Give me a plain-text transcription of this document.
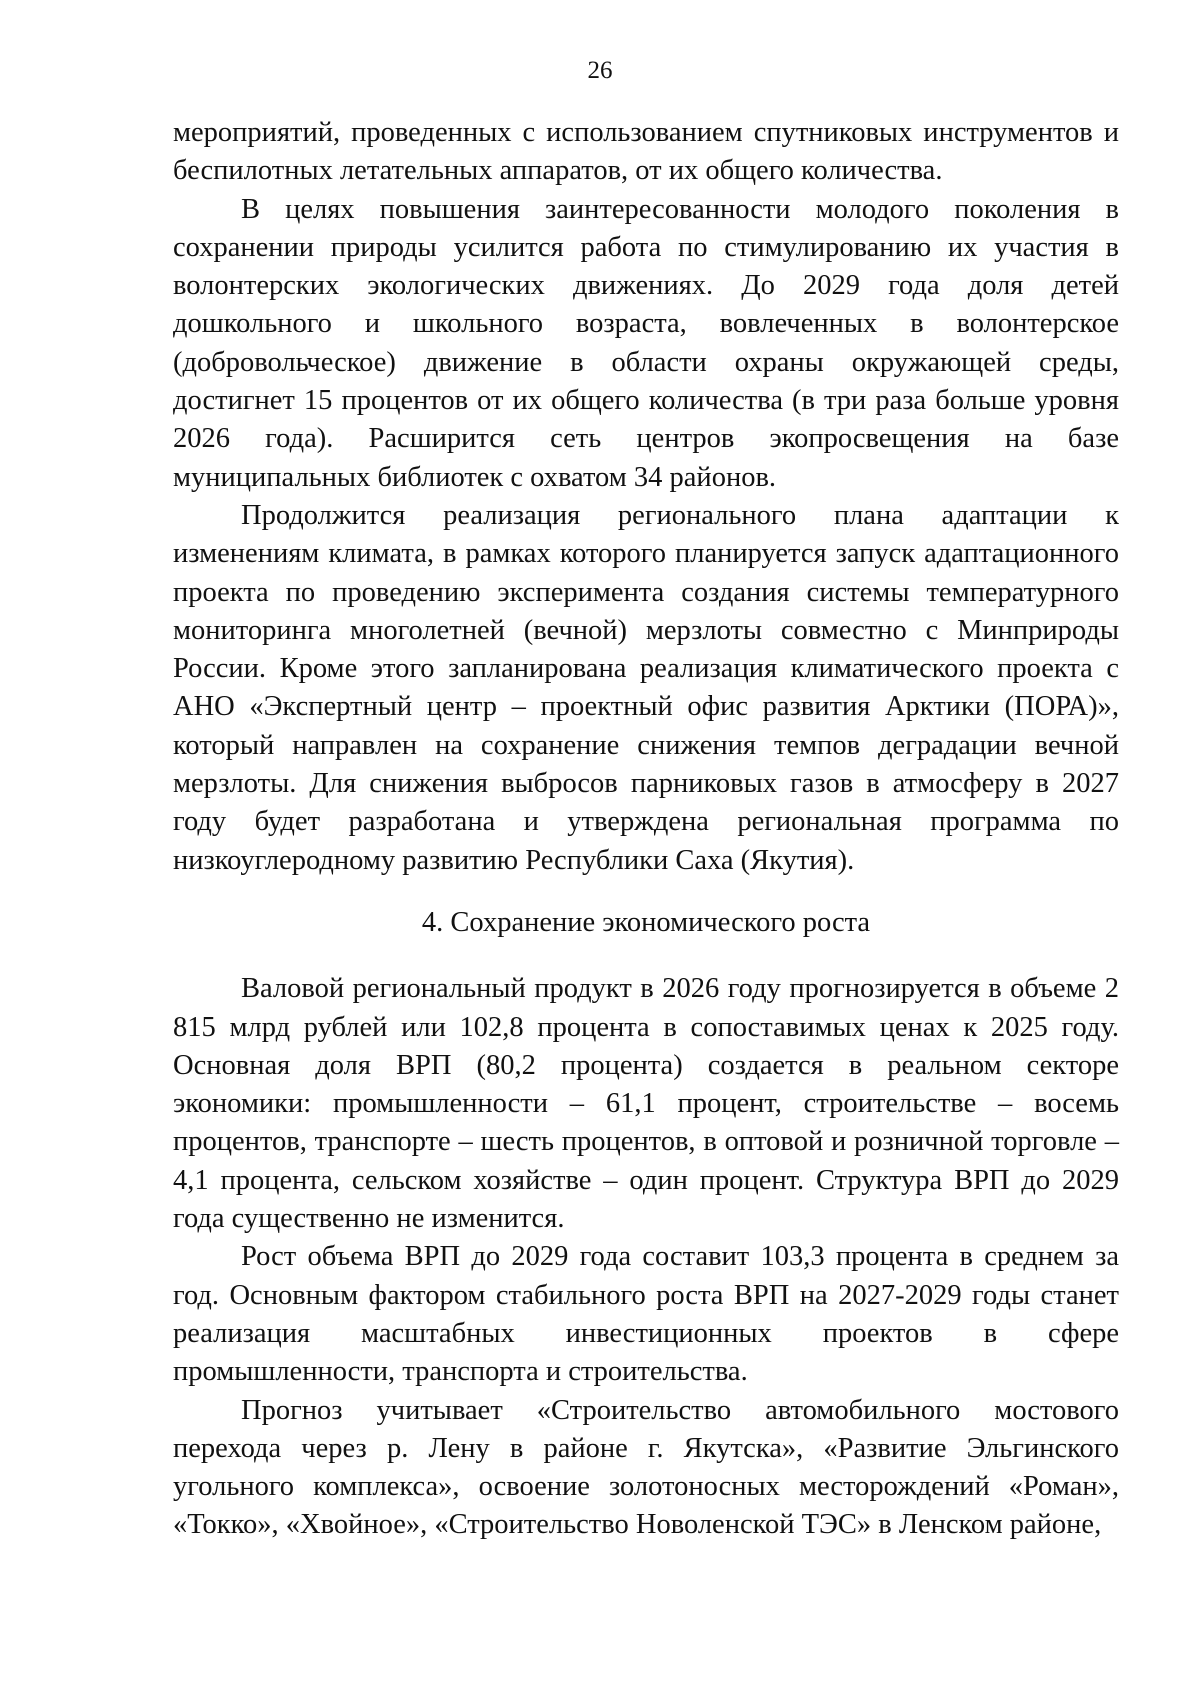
26

мероприятий, проведенных с использованием спутниковых инструментов и беспилотных летательных аппаратов, от их общего количества.

В целях повышения заинтересованности молодого поколения в сохранении природы усилится работа по стимулированию их участия в волонтерских экологических движениях. До 2029 года доля детей дошкольного и школьного возраста, вовлеченных в волонтерское (добровольческое) движение в области охраны окружающей среды, достигнет 15 процентов от их общего количества (в три раза больше уровня 2026 года). Расширится сеть центров экопросвещения на базе муниципальных библиотек с охватом 34 районов.

Продолжится реализация регионального плана адаптации к изменениям климата, в рамках которого планируется запуск адаптационного проекта по проведению эксперимента создания системы температурного мониторинга многолетней (вечной) мерзлоты совместно с Минприроды России. Кроме этого запланирована реализация климатического проекта с АНО «Экспертный центр – проектный офис развития Арктики (ПОРА)», который направлен на сохранение снижения темпов деградации вечной мерзлоты. Для снижения выбросов парниковых газов в атмосферу в 2027 году будет разработана и утверждена региональная программа по низкоуглеродному развитию Республики Саха (Якутия).

4. Сохранение экономического роста

Валовой региональный продукт в 2026 году прогнозируется в объеме 2 815 млрд рублей или 102,8 процента в сопоставимых ценах к 2025 году. Основная доля ВРП (80,2 процента) создается в реальном секторе экономики: промышленности – 61,1 процент, строительстве – восемь процентов, транспорте – шесть процентов, в оптовой и розничной торговле – 4,1 процента, сельском хозяйстве – один процент. Структура ВРП до 2029 года существенно не изменится.

Рост объема ВРП до 2029 года составит 103,3 процента в среднем за год. Основным фактором стабильного роста ВРП на 2027-2029 годы станет реализация масштабных инвестиционных проектов в сфере промышленности, транспорта и строительства.

Прогноз учитывает «Строительство автомобильного мостового перехода через р. Лену в районе г. Якутска», «Развитие Эльгинского угольного комплекса», освоение золотоносных месторождений «Роман», «Токко», «Хвойное», «Строительство Новоленской ТЭС» в Ленском районе,
